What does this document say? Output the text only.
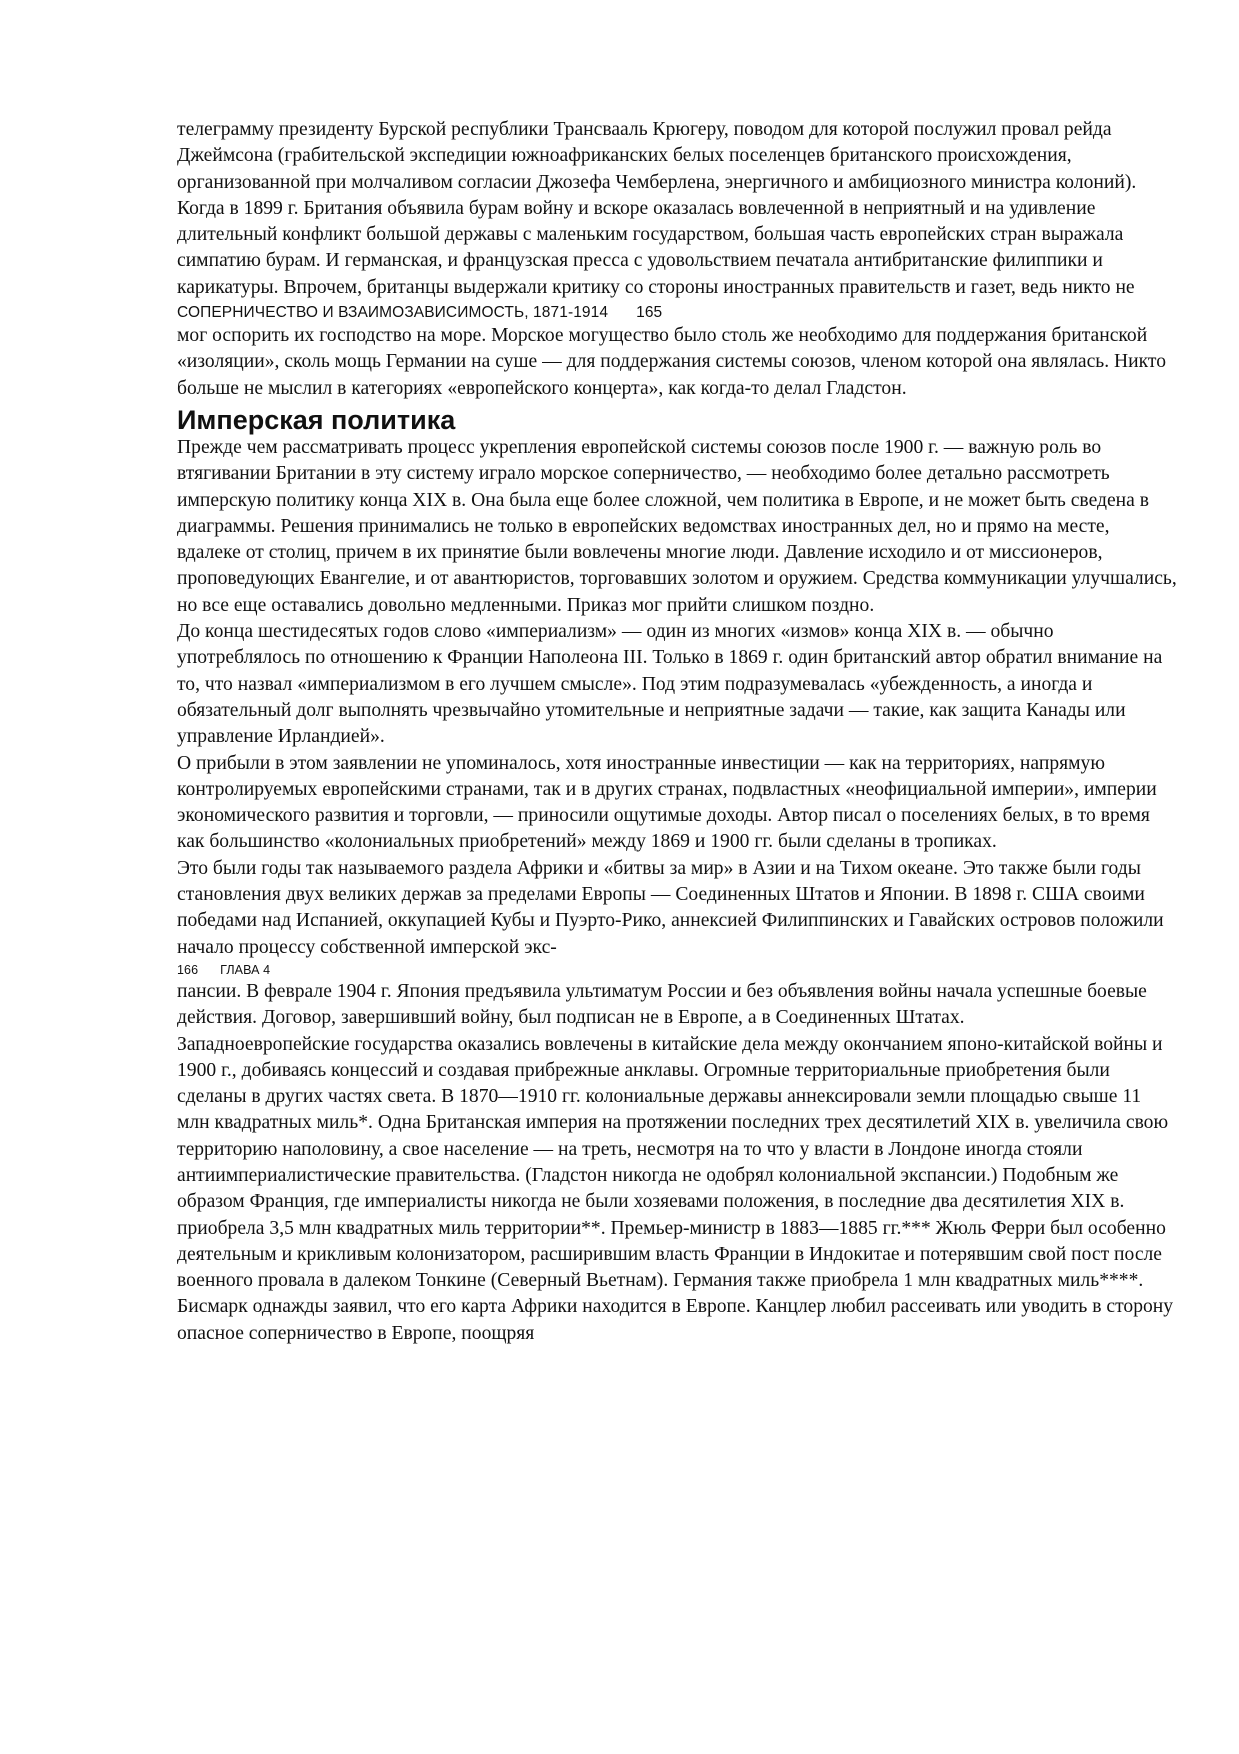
телеграмму президенту Бурской республики Трансвааль Крюгеру, поводом для которой послужил провал рейда Джеймсона (грабительской экспедиции южноафриканских белых поселенцев британского происхождения, организованной при молчаливом согласии Джозефа Чемберлена, энергичного и амбициозного министра колоний). Когда в 1899 г. Британия объявила бурам войну и вскоре оказалась вовлеченной в неприятный и на удивление длительный конфликт большой державы с маленьким государством, большая часть европейских стран выражала симпатию бурам. И германская, и французская пресса с удовольствием печатала антибританские филиппики и карикатуры. Впрочем, британцы выдержали критику со стороны иностранных правительств и газет, ведь никто не

СОПЕРНИЧЕСТВО И ВЗАИМОЗАВИСИМОСТЬ, 1871-1914 165

мог оспорить их господство на море. Морское могущество было столь же необходимо для поддержания британской «изоляции», сколь мощь Германии на суше — для поддержания системы союзов, членом которой она являлась. Никто больше не мыслил в категориях «европейского концерта», как когда-то делал Гладстон.

Имперская политика

Прежде чем рассматривать процесс укрепления европейской системы союзов после 1900 г. — важную роль во втягивании Британии в эту систему играло морское соперничество, — необходимо более детально рассмотреть имперскую политику конца XIX в. Она была еще более сложной, чем политика в Европе, и не может быть сведена в диаграммы. Решения принимались не только в европейских ведомствах иностранных дел, но и прямо на месте, вдалеке от столиц, причем в их принятие были вовлечены многие люди. Давление исходило и от миссионеров, проповедующих Евангелие, и от авантюристов, торговавших золотом и оружием. Средства коммуникации улучшались, но все еще оставались довольно медленными. Приказ мог прийти слишком поздно.

До конца шестидесятых годов слово «империализм» — один из многих «измов» конца XIX в. — обычно употреблялось по отношению к Франции Наполеона III. Только в 1869 г. один британский автор обратил внимание на то, что назвал «империализмом в его лучшем смысле». Под этим подразумевалась «убежденность, а иногда и обязательный долг выполнять чрезвычайно утомительные и неприятные задачи — такие, как защита Канады или управление Ирландией».

О прибыли в этом заявлении не упоминалось, хотя иностранные инвестиции — как на территориях, напрямую контролируемых европейскими странами, так и в других странах, подвластных «неофициальной империи», империи экономического развития и торговли, — приносили ощутимые доходы. Автор писал о поселениях белых, в то время как большинство «колониальных приобретений» между 1869 и 1900 гг. были сделаны в тропиках.

Это были годы так называемого раздела Африки и «битвы за мир» в Азии и на Тихом океане. Это также были годы становления двух великих держав за пределами Европы — Соединенных Штатов и Японии. В 1898 г. США своими победами над Испанией, оккупацией Кубы и Пуэрто-Рико, аннексией Филиппинских и Гавайских островов положили начало процессу собственной имперской экс-

166 ГЛАВА 4

пансии. В феврале 1904 г. Япония предъявила ультиматум России и без объявления войны начала успешные боевые действия. Договор, завершивший войну, был подписан не в Европе, а в Соединенных Штатах.

Западноевропейские государства оказались вовлечены в китайские дела между окончанием японо-китайской войны и 1900 г., добиваясь концессий и создавая прибрежные анклавы. Огромные территориальные приобретения были сделаны в других частях света. В 1870—1910 гг. колониальные державы аннексировали земли площадью свыше 11 млн квадратных миль*. Одна Британская империя на протяжении последних трех десятилетий XIX в. увеличила свою территорию наполовину, а свое население — на треть, несмотря на то что у власти в Лондоне иногда стояли антиимпериалистические правительства. (Гладстон никогда не одобрял колониальной экспансии.) Подобным же образом Франция, где империалисты никогда не были хозяевами положения, в последние два десятилетия XIX в. приобрела 3,5 млн квадратных миль территории**. Премьер-министр в 1883—1885 гг.*** Жюль Ферри был особенно деятельным и крикливым колонизатором, расширившим власть Франции в Индокитае и потерявшим свой пост после военного провала в далеком Тонкине (Северный Вьетнам). Германия также приобрела 1 млн квадратных миль****. Бисмарк однажды заявил, что его карта Африки находится в Европе. Канцлер любил рассеивать или уводить в сторону опасное соперничество в Европе, поощряя
